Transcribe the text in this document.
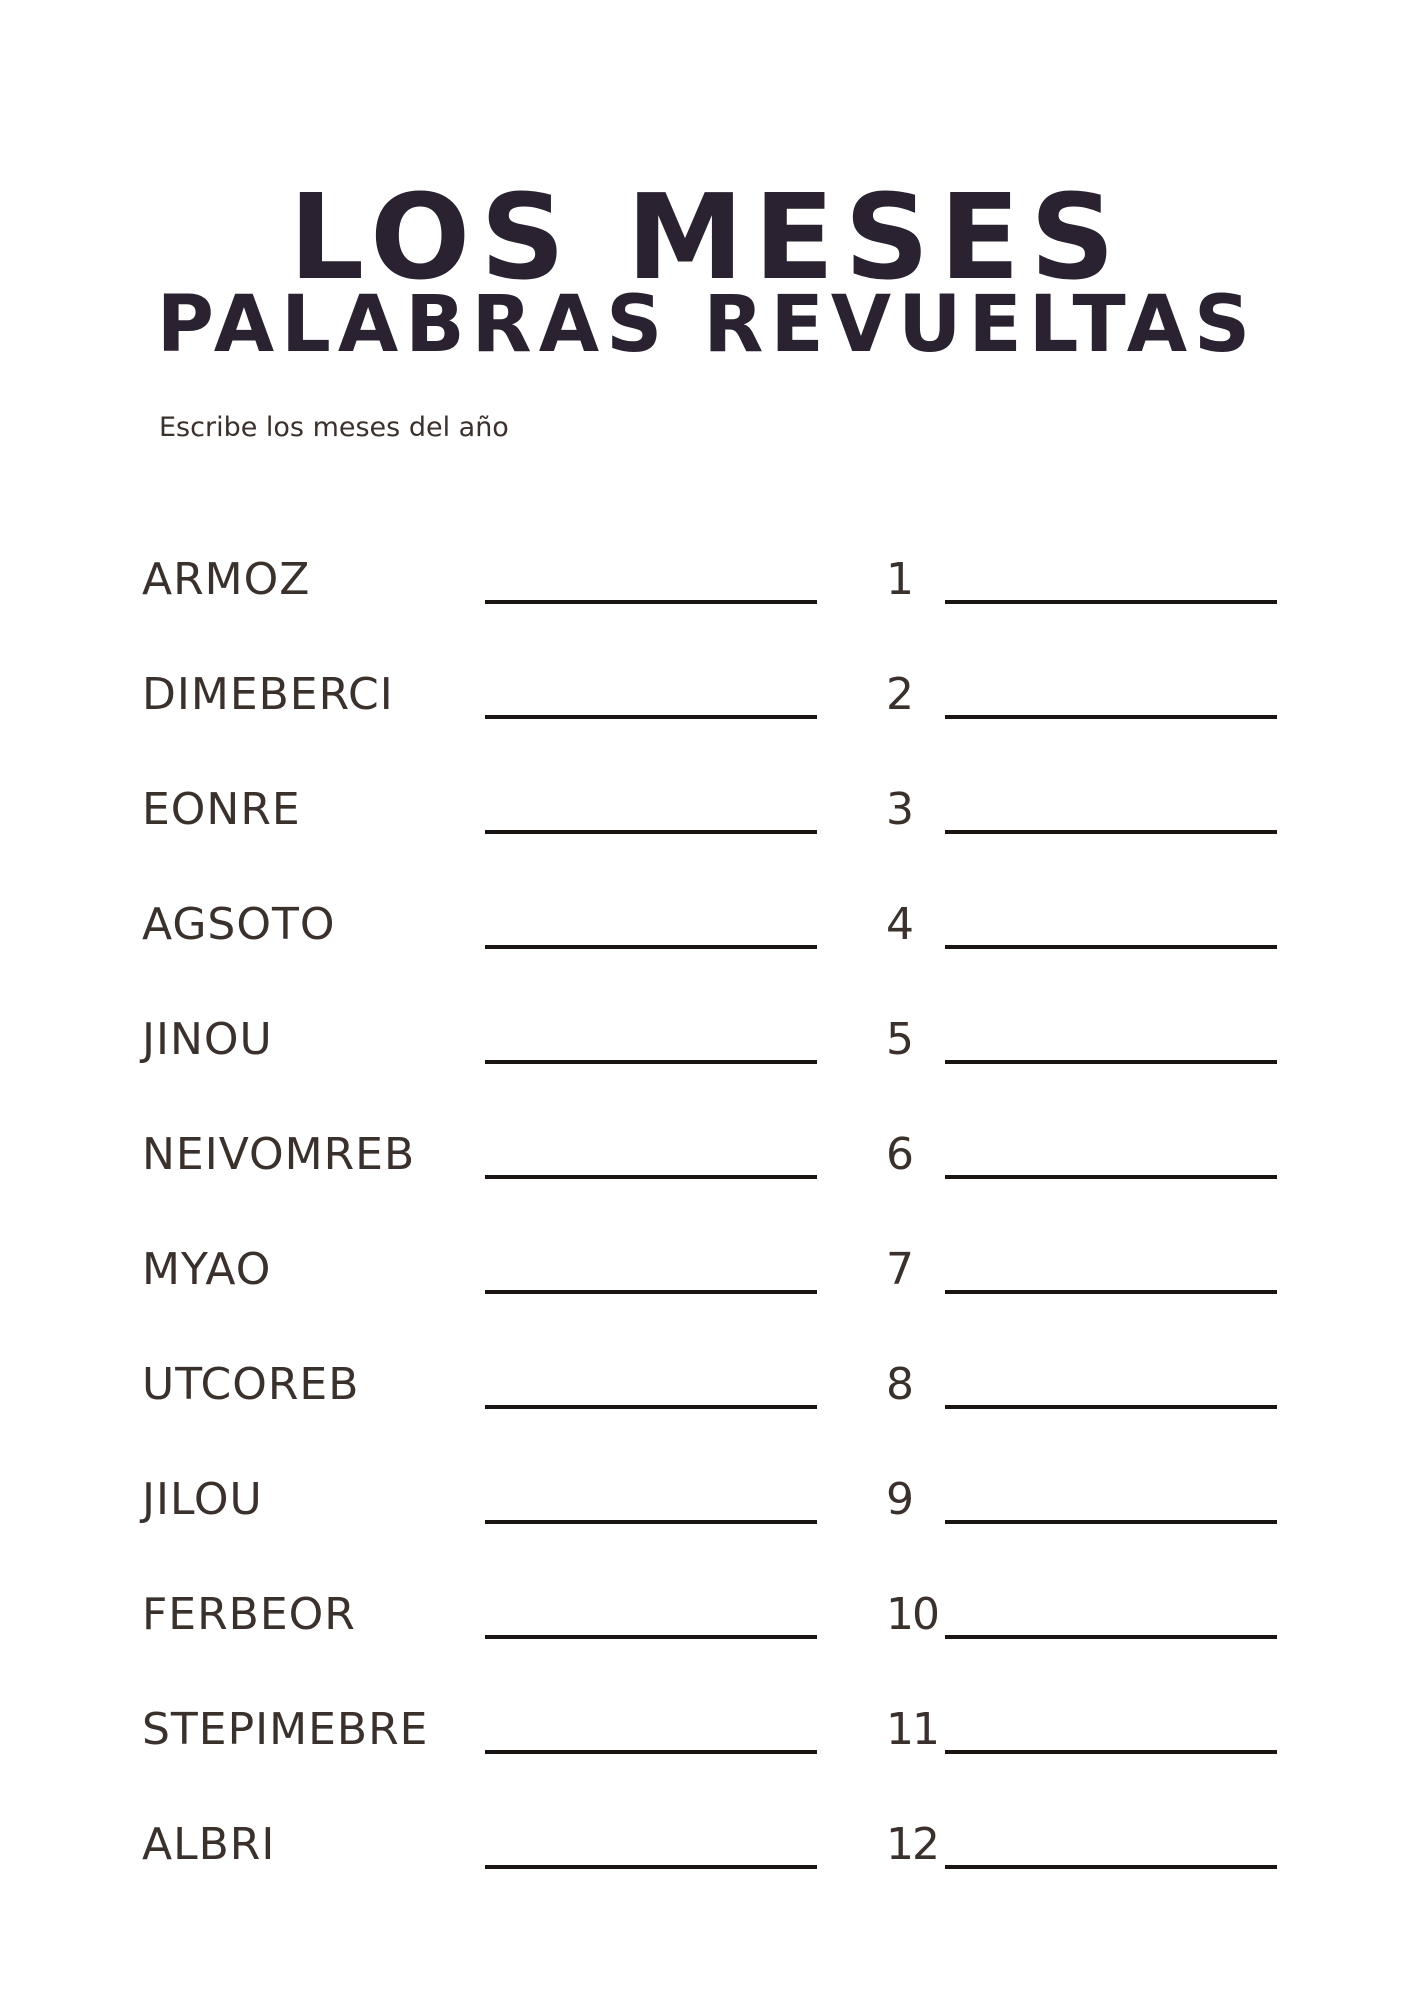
LOS MESES
PALABRAS REVUELTAS
Escribe los meses del año
ARMOZ	1
DIMEBERCI	2
EONRE	3
AGSOTO	4
JINOU	5
NEIVOMREB	6
MYAO	7
UTCOREB	8
JILOU	9
FERBEOR	10
STEPIMEBRE	11
ALBRI	12
